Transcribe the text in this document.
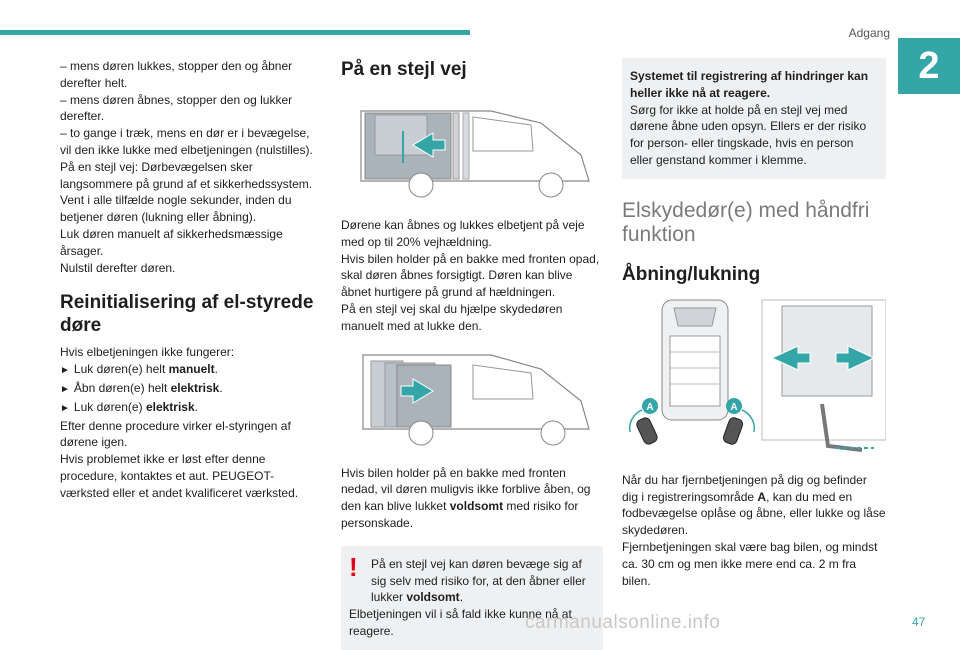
Adgang
2

– mens døren lukkes, stopper den og åbner derefter helt.

– mens døren åbnes, stopper den og lukker derefter.

– to gange i træk, mens en dør er i bevægelse, vil den ikke lukke med elbetjeningen (nulstilles).

På en stejl vej: Dørbevægelsen sker langsommere på grund af et sikkerhedssystem.

Vent i alle tilfælde nogle sekunder, inden du betjener døren (lukning eller åbning).

Luk døren manuelt af sikkerhedsmæssige årsager.

Nulstil derefter døren.

Reinitialisering af el-styrede døre

Hvis elbetjeningen ikke fungerer:

► Luk døren(e) helt manuelt.

► Åbn døren(e) helt elektrisk.

► Luk døren(e) elektrisk.

Efter denne procedure virker el-styringen af dørene igen.

Hvis problemet ikke er løst efter denne procedure, kontaktes et aut. PEUGEOT-værksted eller et andet kvalificeret værksted.

På en stejl vej

Dørene kan åbnes og lukkes elbetjent på veje med op til 20% vejhældning.

Hvis bilen holder på en bakke med fronten opad, skal døren åbnes forsigtigt. Døren kan blive åbnet hurtigere på grund af hældningen.

På en stejl vej skal du hjælpe skydedøren manuelt med at lukke den.

Hvis bilen holder på en bakke med fronten nedad, vil døren muligvis ikke forblive åben, og den kan blive lukket voldsomt med risiko for personskade.

! På en stejl vej kan døren bevæge sig af sig selv med risiko for, at den åbner eller lukker voldsomt.

Elbetjeningen vil i så fald ikke kunne nå at reagere.

Systemet til registrering af hindringer kan heller ikke nå at reagere.

Sørg for ikke at holde på en stejl vej med dørene åbne uden opsyn. Ellers er der risiko for person- eller tingskade, hvis en person eller genstand kommer i klemme.

Elskydedør(e) med håndfri funktion
Åbning/lukning
A	A

Når du har fjernbetjeningen på dig og befinder dig i registreringsområde A, kan du med en fodbevægelse oplåse og åbne, eller lukke og låse skydedøren.

Fjernbetjeningen skal være bag bilen, og mindst ca. 30 cm og men ikke mere end ca. 2 m fra bilen.

carmanualsonline.info	47
